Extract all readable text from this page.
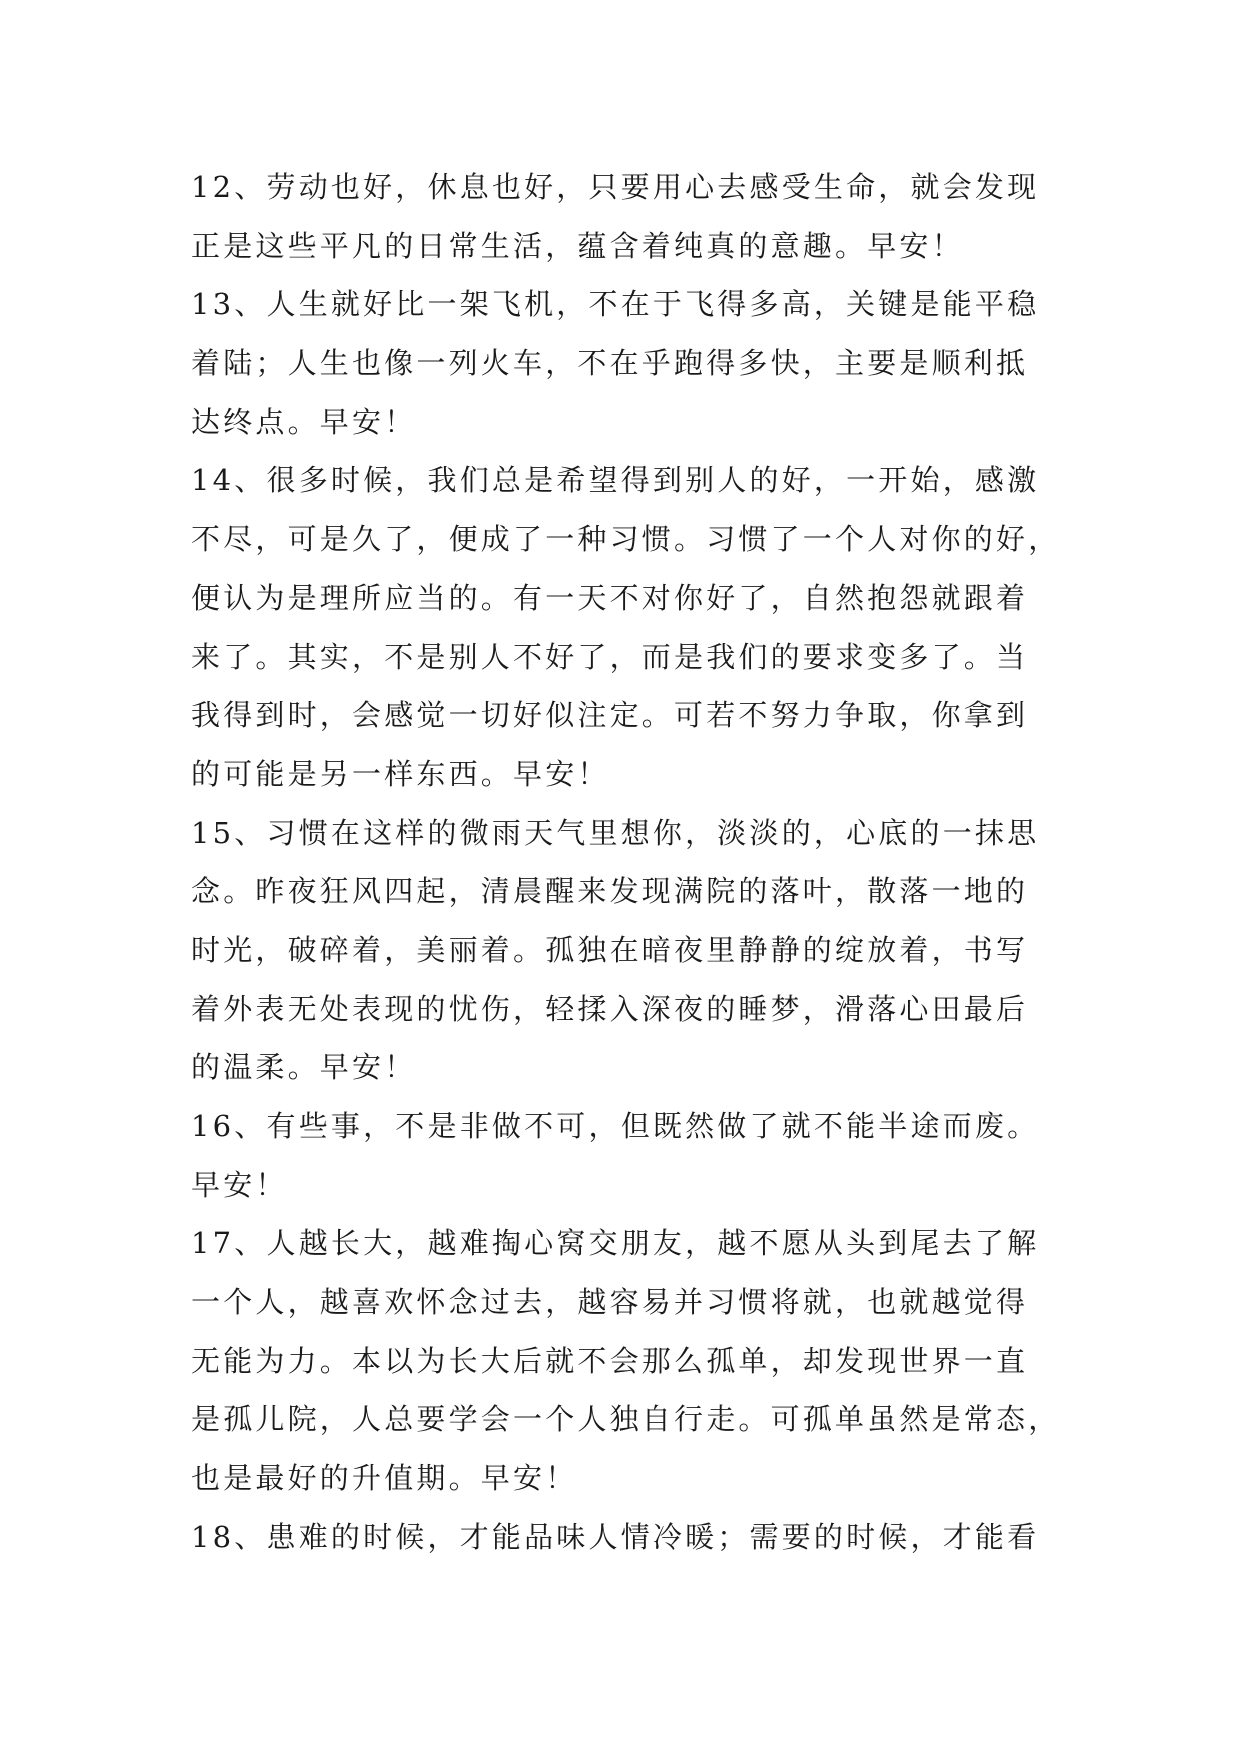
12、劳动也好，休息也好，只要用心去感受生命，就会发现
正是这些平凡的日常生活，蕴含着纯真的意趣。早安！
13、人生就好比一架飞机，不在于飞得多高，关键是能平稳
着陆；人生也像一列火车，不在乎跑得多快，主要是顺利抵
达终点。早安！
14、很多时候，我们总是希望得到别人的好，一开始，感激
不尽，可是久了，便成了一种习惯。习惯了一个人对你的好，
便认为是理所应当的。有一天不对你好了，自然抱怨就跟着
来了。其实，不是别人不好了，而是我们的要求变多了。当
我得到时，会感觉一切好似注定。可若不努力争取，你拿到
的可能是另一样东西。早安！
15、习惯在这样的微雨天气里想你，淡淡的，心底的一抹思
念。昨夜狂风四起，清晨醒来发现满院的落叶，散落一地的
时光，破碎着，美丽着。孤独在暗夜里静静的绽放着，书写
着外表无处表现的忧伤，轻揉入深夜的睡梦，滑落心田最后
的温柔。早安！
16、有些事，不是非做不可，但既然做了就不能半途而废。
早安！
17、人越长大，越难掏心窝交朋友，越不愿从头到尾去了解
一个人，越喜欢怀念过去，越容易并习惯将就，也就越觉得
无能为力。本以为长大后就不会那么孤单，却发现世界一直
是孤儿院，人总要学会一个人独自行走。可孤单虽然是常态，
也是最好的升值期。早安！
18、患难的时候，才能品味人情冷暖；需要的时候，才能看
